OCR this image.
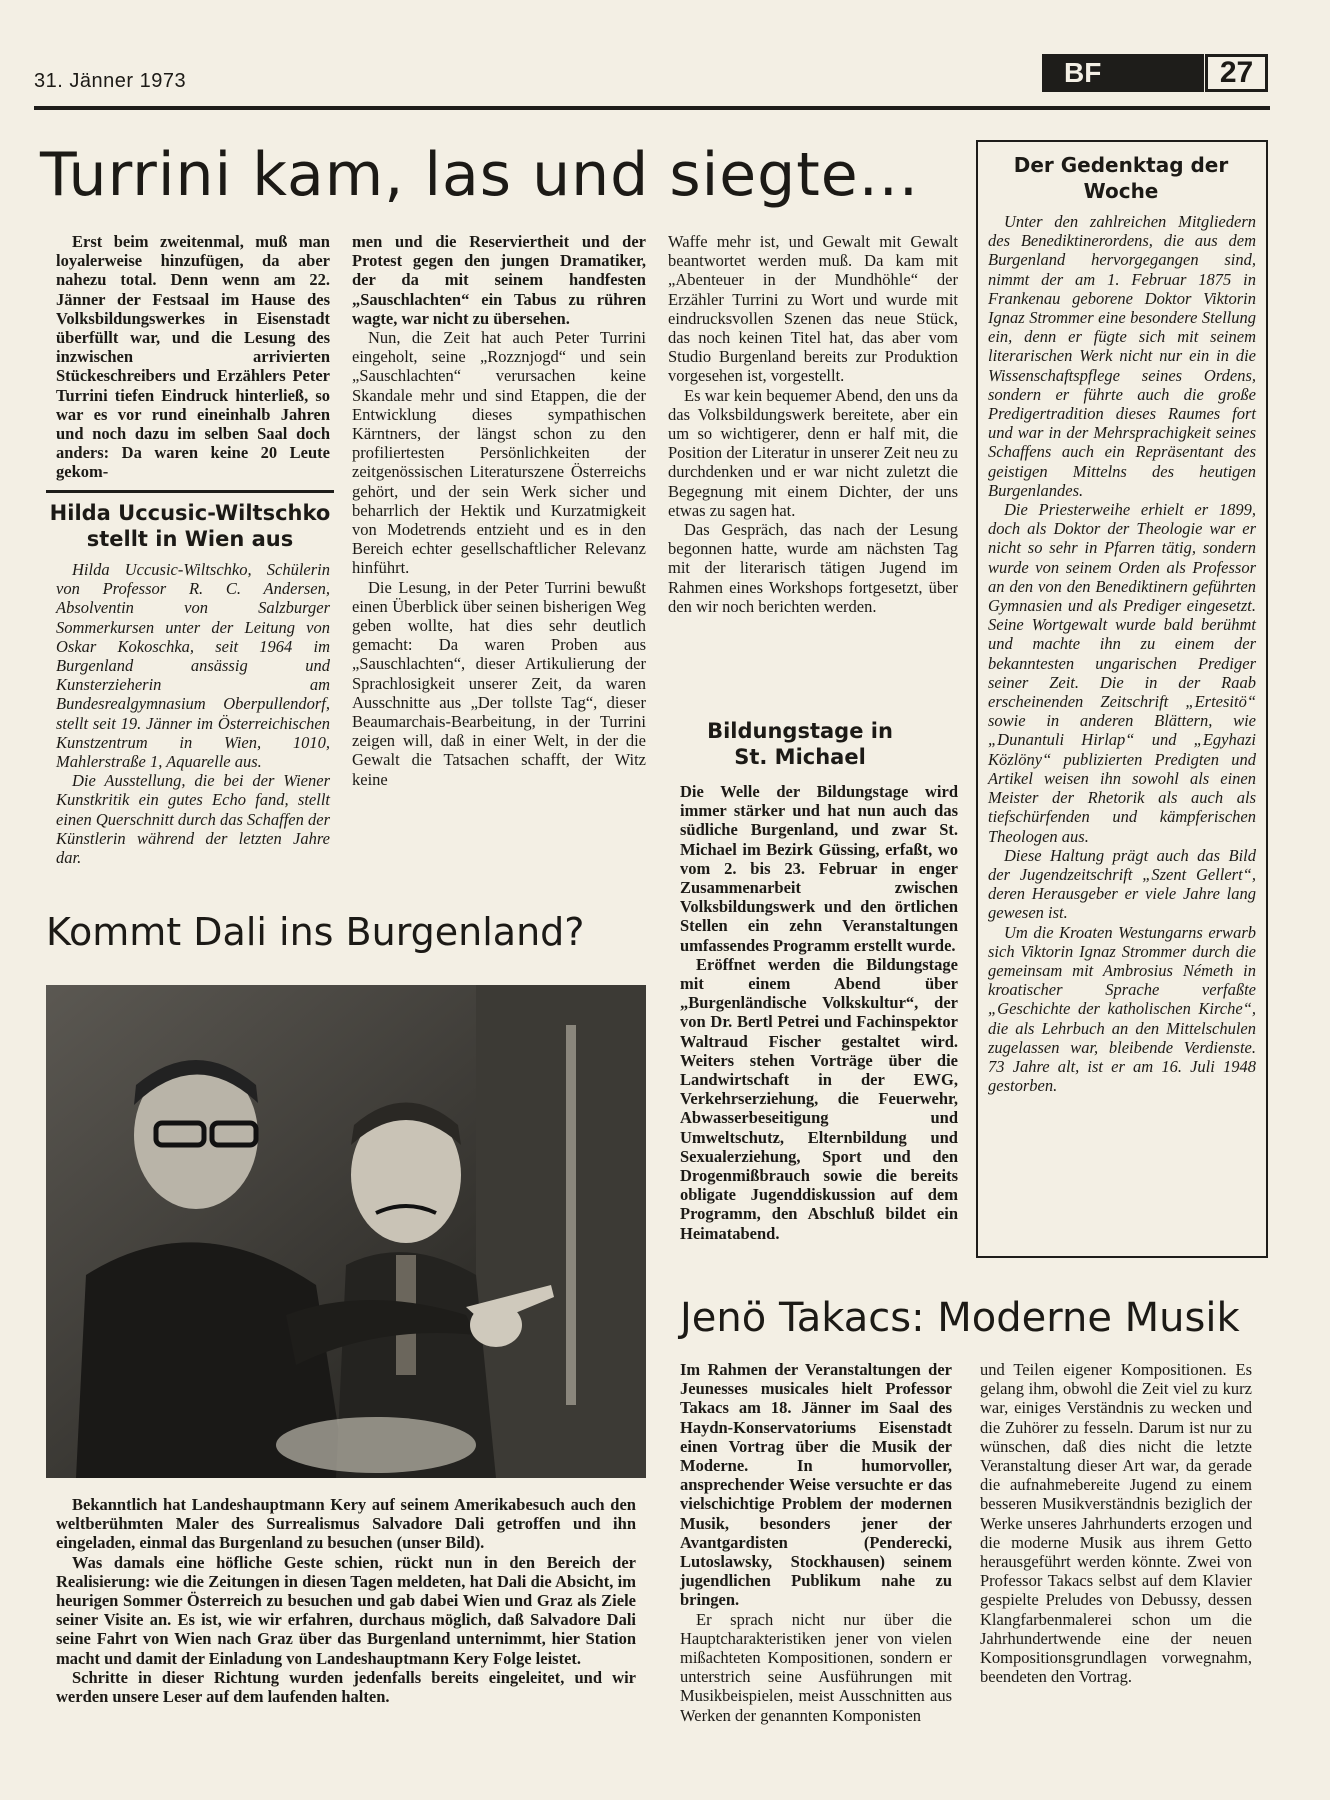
31. Jänner 1973	BF	27
Turrini kam, las und siegte...

Erst beim zweitenmal, muß man loyalerweise hinzufügen, da aber nahezu total. Denn wenn am 22. Jänner der Festsaal im Hause des Volksbildungswerkes in Eisenstadt überfüllt war, und die Lesung des inzwischen arrivierten Stückeschreibers und Erzählers Peter Turrini tiefen Eindruck hinterließ, so war es vor rund eineinhalb Jahren und noch dazu im selben Saal doch anders: Da waren keine 20 Leute gekom-

Hilda Uccusic-Wiltschko stellt in Wien aus

Hilda Uccusic-Wiltschko, Schülerin von Professor R. C. Andersen, Absolventin von Salzburger Sommerkursen unter der Leitung von Oskar Kokoschka, seit 1964 im Burgenland ansässig und Kunsterzieherin am Bundesrealgymnasium Oberpullendorf, stellt seit 19. Jänner im Österreichischen Kunstzentrum in Wien, 1010, Mahlerstraße 1, Aquarelle aus.

Die Ausstellung, die bei der Wiener Kunstkritik ein gutes Echo fand, stellt einen Querschnitt durch das Schaffen der Künstlerin während der letzten Jahre dar.

men und die Reserviertheit und der Protest gegen den jungen Dramatiker, der da mit seinem handfesten „Sauschlachten“ ein Tabus zu rühren wagte, war nicht zu übersehen.

Nun, die Zeit hat auch Peter Turrini eingeholt, seine „Rozznjogd“ und sein „Sauschlachten“ verursachen keine Skandale mehr und sind Etappen, die der Entwicklung dieses sympathischen Kärntners, der längst schon zu den profiliertesten Persönlichkeiten der zeitgenössischen Literaturszene Österreichs gehört, und der sein Werk sicher und beharrlich der Hektik und Kurzatmigkeit von Modetrends entzieht und es in den Bereich echter gesellschaftlicher Relevanz hinführt.

Die Lesung, in der Peter Turrini bewußt einen Überblick über seinen bisherigen Weg geben wollte, hat dies sehr deutlich gemacht: Da waren Proben aus „Sauschlachten“, dieser Artikulierung der Sprachlosigkeit unserer Zeit, da waren Ausschnitte aus „Der tollste Tag“, dieser Beaumarchais-Bearbeitung, in der Turrini zeigen will, daß in einer Welt, in der die Gewalt die Tatsachen schafft, der Witz keine

Waffe mehr ist, und Gewalt mit Gewalt beantwortet werden muß. Da kam mit „Abenteuer in der Mundhöhle“ der Erzähler Turrini zu Wort und wurde mit eindrucksvollen Szenen das neue Stück, das noch keinen Titel hat, das aber vom Studio Burgenland bereits zur Produktion vorgesehen ist, vorgestellt.

Es war kein bequemer Abend, den uns da das Volksbildungswerk bereitete, aber ein um so wichtigerer, denn er half mit, die Position der Literatur in unserer Zeit neu zu durchdenken und er war nicht zuletzt die Begegnung mit einem Dichter, der uns etwas zu sagen hat.

Das Gespräch, das nach der Lesung begonnen hatte, wurde am nächsten Tag mit der literarisch tätigen Jugend im Rahmen eines Workshops fortgesetzt, über den wir noch berichten werden.

Bildungstage in St. Michael

Die Welle der Bildungstage wird immer stärker und hat nun auch das südliche Burgenland, und zwar St. Michael im Bezirk Güssing, erfaßt, wo vom 2. bis 23. Februar in enger Zusammenarbeit zwischen Volksbildungswerk und den örtlichen Stellen ein zehn Veranstaltungen umfassendes Programm erstellt wurde.

Eröffnet werden die Bildungstage mit einem Abend über „Burgenländische Volkskultur“, der von Dr. Bertl Petrei und Fachinspektor Waltraud Fischer gestaltet wird. Weiters stehen Vorträge über die Landwirtschaft in der EWG, Verkehrserziehung, die Feuerwehr, Abwasserbeseitigung und Umweltschutz, Elternbildung und Sexualerziehung, Sport und den Drogenmißbrauch sowie die bereits obligate Jugenddiskussion auf dem Programm, den Abschluß bildet ein Heimatabend.

Der Gedenktag der Woche

Unter den zahlreichen Mitgliedern des Benediktinerordens, die aus dem Burgenland hervorgegangen sind, nimmt der am 1. Februar 1875 in Frankenau geborene Doktor Viktorin Ignaz Strommer eine besondere Stellung ein, denn er fügte sich mit seinem literarischen Werk nicht nur ein in die Wissenschaftspflege seines Ordens, sondern er führte auch die große Predigertradition dieses Raumes fort und war in der Mehrsprachigkeit seines Schaffens auch ein Repräsentant des geistigen Mittelns des heutigen Burgenlandes.

Die Priesterweihe erhielt er 1899, doch als Doktor der Theologie war er nicht so sehr in Pfarren tätig, sondern wurde von seinem Orden als Professor an den von den Benediktinern geführten Gymnasien und als Prediger eingesetzt. Seine Wortgewalt wurde bald berühmt und machte ihn zu einem der bekanntesten ungarischen Prediger seiner Zeit. Die in der Raab erscheinenden Zeitschrift „Ertesitö“ sowie in anderen Blättern, wie „Dunantuli Hirlap“ und „Egyhazi Közlöny“ publizierten Predigten und Artikel weisen ihn sowohl als einen Meister der Rhetorik als auch als tiefschürfenden und kämpferischen Theologen aus.

Diese Haltung prägt auch das Bild der Jugendzeitschrift „Szent Gellert“, deren Herausgeber er viele Jahre lang gewesen ist.

Um die Kroaten Westungarns erwarb sich Viktorin Ignaz Strommer durch die gemeinsam mit Ambrosius Németh in kroatischer Sprache verfaßte „Geschichte der katholischen Kirche“, die als Lehrbuch an den Mittelschulen zugelassen war, bleibende Verdienste. 73 Jahre alt, ist er am 16. Juli 1948 gestorben.

Kommt Dali ins Burgenland?

Bekanntlich hat Landeshauptmann Kery auf seinem Amerikabesuch auch den weltberühmten Maler des Surrealismus Salvadore Dali getroffen und ihn eingeladen, einmal das Burgenland zu besuchen (unser Bild).

Was damals eine höfliche Geste schien, rückt nun in den Bereich der Realisierung: wie die Zeitungen in diesen Tagen meldeten, hat Dali die Absicht, im heurigen Sommer Österreich zu besuchen und gab dabei Wien und Graz als Ziele seiner Visite an. Es ist, wie wir erfahren, durchaus möglich, daß Salvadore Dali seine Fahrt von Wien nach Graz über das Burgenland unternimmt, hier Station macht und damit der Einladung von Landeshauptmann Kery Folge leistet.

Schritte in dieser Richtung wurden jedenfalls bereits eingeleitet, und wir werden unsere Leser auf dem laufenden halten.

Jenö Takacs: Moderne Musik

Im Rahmen der Veranstaltungen der Jeunesses musicales hielt Professor Takacs am 18. Jänner im Saal des Haydn-Konservatoriums Eisenstadt einen Vortrag über die Musik der Moderne. In humorvoller, ansprechender Weise versuchte er das vielschichtige Problem der modernen Musik, besonders jener der Avantgardisten (Penderecki, Lutoslawsky, Stockhausen) seinem jugendlichen Publikum nahe zu bringen.

Er sprach nicht nur über die Hauptcharakteristiken jener von vielen mißachteten Kompositionen, sondern er unterstrich seine Ausführungen mit Musikbeispielen, meist Ausschnitten aus Werken der genannten Komponisten

und Teilen eigener Kompositionen. Es gelang ihm, obwohl die Zeit viel zu kurz war, einiges Verständnis zu wecken und die Zuhörer zu fesseln. Darum ist nur zu wünschen, daß dies nicht die letzte Veranstaltung dieser Art war, da gerade die aufnahmebereite Jugend zu einem besseren Musikverständnis beziglich der Werke unseres Jahrhunderts erzogen und die moderne Musik aus ihrem Getto herausgeführt werden könnte. Zwei von Professor Takacs selbst auf dem Klavier gespielte Preludes von Debussy, dessen Klangfarbenmalerei schon um die Jahrhundertwende eine der neuen Kompositionsgrundlagen vorwegnahm, beendeten den Vortrag.
